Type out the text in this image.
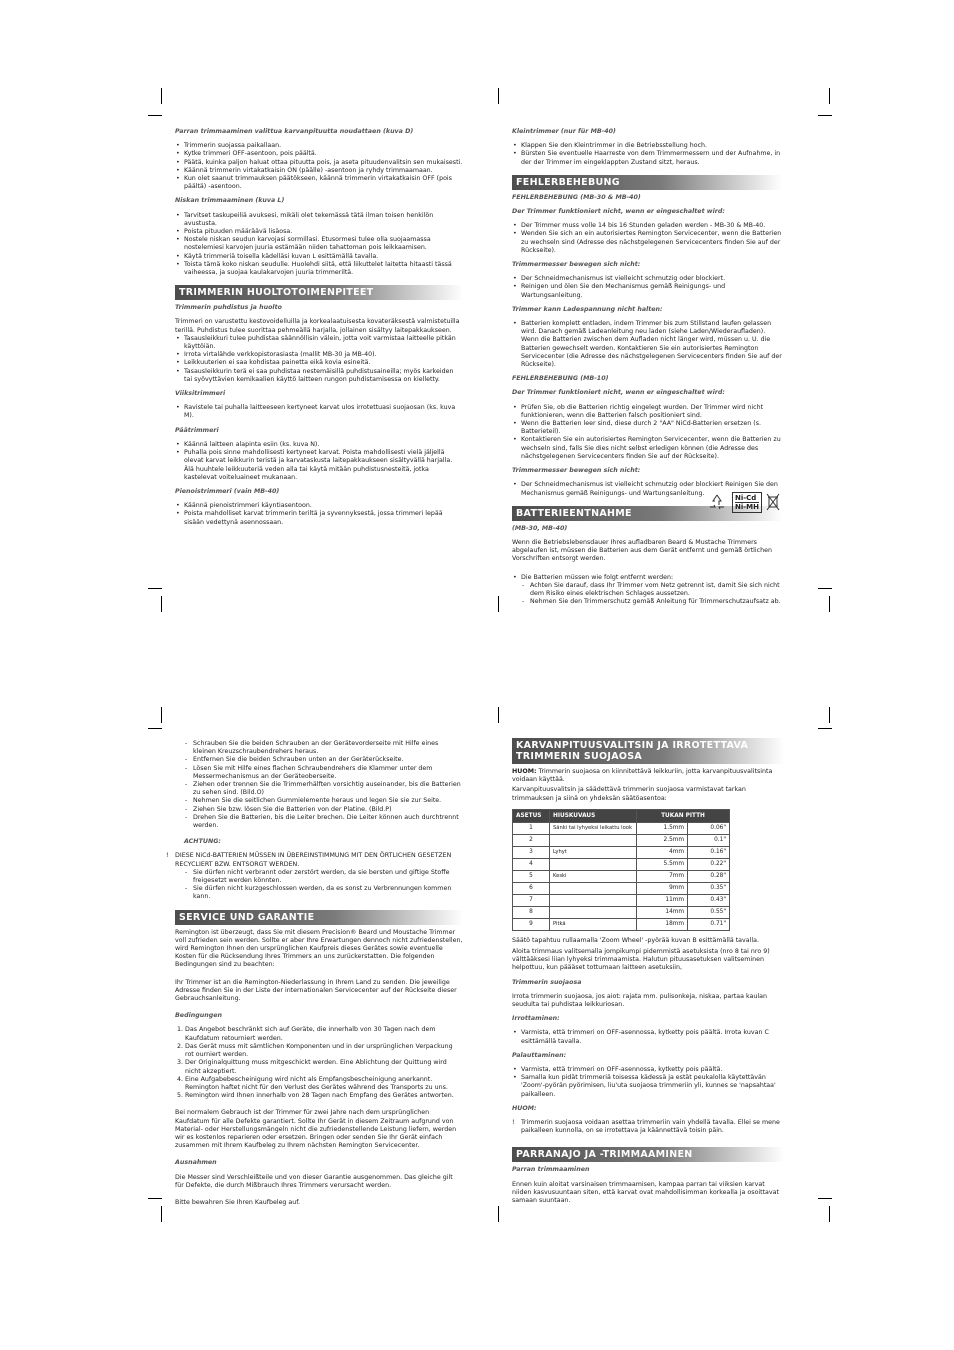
Parran trimmaaminen valittua karvanpituutta noudattaen (kuva D)

• Trimmerin suojassa paikallaan.
• Kytke trimmeri OFF-asentoon, pois päältä.
• Päätä, kuinka paljon haluat ottaa pituutta pois, ja aseta pituudenvalitsin sen mukaisesti.
• Käännä trimmerin virtakatkaisin ON (päälle) -asentoon ja ryhdy trimmaamaan.
• Kun olet saanut trimmauksen päätökseen, käännä trimmerin virtakatkaisin OFF (pois päältä) -asentoon.

Niskan trimmaaminen (kuva L)

• Tarvitset taskupeiliä avuksesi, mikäli olet tekemässä tätä ilman toisen henkilön avustusta.
• Poista pituuden määräävä lisäosa.
• Nostele niskan seudun karvojasi sormillasi. Etusormesi tulee olla suojaamassa nostelemiesi karvojen juuria estämään niiden tahattoman pois leikkaamisen.
• Käytä trimmeriä toisella kädelläsi kuvan L esittämällä tavalla.
• Toista tämä koko niskan seudulle. Huolehdi siitä, että liikuttelet laitetta hitaasti tässä vaiheessa, ja suojaa kaulakarvojen juuria trimmeriltä.
TRIMMERIN HUOLTOTOIMENPITEET

Trimmerin puhdistus ja huolto

Trimmeri on varustettu kestovoidelluilla ja korkealaatuisesta kovateräksestä valmistetuilla terillä. Puhdistus tulee suorittaa pehmeällä harjalla, jollainen sisältyy laitepakkaukseen.

• Tasausleikkuri tulee puhdistaa säännöllisin välein, jotta voit varmistaa laitteelle pitkän käyttöiän.
• Irrota virtalähde verkkopistorasiasta (mallit MB-30 ja MB-40).
• Leikkuuterien ei saa kohdistaa painetta eikä kovia esineitä.
• Tasausleikkurin terä ei saa puhdistaa nestemäisillä puhdistusaineilla; myös karkeiden tai syövyttävien kemikaalien käyttö laitteen rungon puhdistamisessa on kielletty.

Viiksitrimmeri

• Ravistele tai puhalla laitteeseen kertyneet karvat ulos irrotettuasi suojaosan (ks. kuva M).

Päätrimmeri

• Käännä laitteen alapinta esiin (ks. kuva N).
• Puhalla pois sinne mahdollisesti kertyneet karvat. Poista mahdollisesti vielä jäljellä olevat karvat leikkurin teristä ja karvataskusta laitepakkaukseen sisältyvällä harjalla. Älä huuhtele leikkuuteriä veden alla tai käytä mitään puhdistusnesteitä, jotka kastelevat voiteluaineet mukanaan.

Pienoistrimmeri (vain MB-40)

• Käännä pienoistrimmeri käyntiasentoon.
• Poista mahdolliset karvat trimmerin teriltä ja syvennyksestä, jossa trimmeri lepää sisään vedettynä asennossaan.

Kleintrimmer (nur für MB-40)

• Klappen Sie den Kleintrimmer in die Betriebsstellung hoch.
• Bürsten Sie eventuelle Haarreste von dem Trimmermessern und der Aufnahme, in der der Trimmer im eingeklappten Zustand sitzt, heraus.
FEHLERBEHEBUNG

FEHLERBEHEBUNG (MB-30 & MB-40)

Der Trimmer funktioniert nicht, wenn er eingeschaltet wird:

• Der Trimmer muss volle 14 bis 16 Stunden geladen werden - MB-30 & MB-40.
• Wenden Sie sich an ein autorisiertes Remington Servicecenter, wenn die Batterien zu wechseln sind (Adresse des nächstgelegenen Servicecenters finden Sie auf der Rückseite).

Trimmermesser bewegen sich nicht:

• Der Schneidmechanismus ist vielleicht schmutzig oder blockiert.
• Reinigen und ölen Sie den Mechanismus gemäß Reinigungs- und Wartungsanleitung.

Trimmer kann Ladespannung nicht halten:

• Batterien komplett entladen, indem Trimmer bis zum Stillstand laufen gelassen wird. Danach gemäß Ladeanleitung neu laden (siehe Laden/Wiederaufladen). Wenn die Batterien zwischen dem Aufladen nicht länger wird, müssen u. U. die Batterien gewechselt werden. Kontaktieren Sie ein autorisiertes Remington Servicecenter (die Adresse des nächstgelegenen Servicecenters finden Sie auf der Rückseite).

FEHLERBEHEBUNG (MB-10)

Der Trimmer funktioniert nicht, wenn er eingeschaltet wird:

• Prüfen Sie, ob die Batterien richtig eingelegt wurden. Der Trimmer wird nicht funktionieren, wenn die Batterien falsch positioniert sind.
• Wenn die Batterien leer sind, diese durch 2 "AA" NiCd-Batterien ersetzen (s. Batterieteil).
• Kontaktieren Sie ein autorisiertes Remington Servicecenter, wenn die Batterien zu wechseln sind, falls Sie dies nicht selbst erledigen können (die Adresse des nächstgelegenen Servicecenters finden Sie auf der Rückseite).

Trimmermesser bewegen sich nicht:

• Der Schneidmechanismus ist vielleicht schmutzig oder blockiert Reinigen Sie den Mechanismus gemäß Reinigungs- und Wartungsanleitung.
BATTERIEENTNAHME
Ni-Cd
Ni-MH

(MB-30, MB-40)

Wenn die Betriebslebensdauer Ihres aufladbaren Beard & Mustache Trimmers abgelaufen ist, müssen die Batterien aus dem Gerät entfernt und gemäß örtlichen Vorschriften entsorgt werden.

• Die Batterien müssen wie folgt entfernt werden:
- Achten Sie darauf, dass Ihr Trimmer vom Netz getrennt ist, damit Sie sich nicht dem Risiko eines elektrischen Schlages aussetzen.
- Nehmen Sie den Trimmerschutz gemäß Anleitung für Trimmerschutzaufsatz ab.
- Schrauben Sie die beiden Schrauben an der Gerätevorderseite mit Hilfe eines kleinen Kreuzschraubendrehers heraus.
- Entfernen Sie die beiden Schrauben unten an der Geräterückseite.
- Lösen Sie mit Hilfe eines flachen Schraubendrehers die Klammer unter dem Messermechanismus an der Geräteoberseite.
- Ziehen oder trennen Sie die Trimmerhälften vorsichtig auseinander, bis die Batterien zu sehen sind. (Bild.O)
- Nehmen Sie die seitlichen Gummielemente heraus und legen Sie sie zur Seite.
- Ziehen Sie bzw. lösen Sie die Batterien von der Platine. (Bild.P)
- Drehen Sie die Batterien, bis die Leiter brechen. Die Leiter können auch durchtrennt werden.

ACHTUNG:

!	DIESE NiCd-BATTERIEN MÜSSEN IN ÜBEREINSTIMMUNG MIT DEN ÖRTLICHEN GESETZEN RECYCLIERT BZW. ENTSORGT WERDEN.
- Sie dürfen nicht verbrannt oder zerstört werden, da sie bersten und giftige Stoffe freigesetzt werden könnten.
- Sie dürfen nicht kurzgeschlossen werden, da es sonst zu Verbrennungen kommen kann.
SERVICE UND GARANTIE

Remington ist überzeugt, dass Sie mit diesem Precision® Beard und Moustache Trimmer voll zufrieden sein werden. Sollte er aber Ihre Erwartungen dennoch nicht zufriedenstellen, wird Remington Ihnen den ursprünglichen Kaufpreis dieses Gerätes sowie eventuelle Kosten für die Rücksendung Ihres Trimmers an uns zurückerstatten. Die folgenden Bedingungen sind zu beachten:

Ihr Trimmer ist an die Remington-Niederlassung in Ihrem Land zu senden. Die jeweilige Adresse finden Sie in der Liste der internationalen Servicecenter auf der Rückseite dieser Gebrauchsanleitung.

Bedingungen

1. Das Angebot beschränkt sich auf Geräte, die innerhalb von 30 Tagen nach dem Kaufdatum retourniert werden.
2. Das Gerät muss mit sämtlichen Komponenten und in der ursprünglichen Verpackung rot ourniert werden.
3. Der Originalquittung muss mitgeschickt werden. Eine Ablichtung der Quittung wird nicht akzeptiert.
4. Eine Aufgabebescheinigung wird nicht als Empfangsbescheinigung anerkannt. Remington haftet nicht für den Verlust des Gerätes während des Transports zu uns.
5. Remington wird Ihnen innerhalb von 28 Tagen nach Empfang des Gerätes antworten.

Bei normalem Gebrauch ist der Trimmer für zwei Jahre nach dem ursprünglichen Kaufdatum für alle Defekte garantiert. Sollte Ihr Gerät in diesem Zeitraum aufgrund von Material- oder Herstellungsmängeln nicht die zufriedenstellende Leistung liefern, werden wir es kostenlos reparieren oder ersetzen. Bringen oder senden Sie Ihr Gerät einfach zusammen mit Ihrem Kaufbeleg zu Ihrem nächsten Remington Servicecenter.

Ausnahmen

Die Messer sind Verschleißteile und von dieser Garantie ausgenommen. Das gleiche gilt für Defekte, die durch Mißbrauch Ihres Trimmers verursacht werden.

Bitte bewahren Sie Ihren Kaufbeleg auf.

KARVANPITUUSVALITSIN JA IRROTETTAVA TRIMMERIN SUOJAOSA

HUOM: Trimmerin suojaosa on kiinnitettävä leikkuriin, jotta karvanpituusvalitsinta voidaan käyttää.

Karvanpituusvalitsin ja säädettävä trimmerin suojaosa varmistavat tarkan trimmauksen ja siinä on yhdeksän säätöasentoa:

ASETUS	HIUSKUVAUS	TUKAN PITTH	
1	Sänki tai lyhyeksi leikattu look	1.5mm	0.06"
2		2.5mm	0.1"
3	Lyhyt	4mm	0.16"
4		5.5mm	0.22"
5	Keski	7mm	0.28"
6		9mm	0.35"
7		11mm	0.43"
8		14mm	0.55"
9	Pitkä	18mm	0.71"

Säätö tapahtuu rullaamalla 'Zoom Wheel' -pyörää kuvan B esittämällä tavalla.

Aloita trimmaus valitsemalla jompikumpi pidemmistä asetuksista (nro 8 tai nro 9) välttääksesi liian lyhyeksi trimmaamista. Halutun pituusasetuksen valitseminen helpottuu, kun päääset tottumaan laitteen asetuksiin,

Trimmerin suojaosa

Irrota trimmerin suojaosa, jos aiot: rajata mm. pulisonkeja, niskaa, partaa kaulan seudulta tai puhdistaa leikkuriosan.

Irrottaminen:

• Varmista, että trimmeri on OFF-asennossa, kytketty pois päältä. Irrota kuvan C esittämällä tavalla.

Palauttaminen:

• Varmista, että trimmeri on OFF-asennossa, kytketty pois päältä.
• Samalla kun pidät trimmeriä toisessa kädessä ja estät peukalolla käytettävän 'Zoom'-pyörän pyörimisen, liu'uta suojaosa trimmeriin yli, kunnes se 'napsahtaa' paikalleen.

HUOM:

!	Trimmerin suojaosa voidaan asettaa trimmeriin vain yhdellä tavalla. Ellei se mene paikalleen kunnolla, on se irrotettava ja käännettävä toisin päin.
PARRANAJO JA -TRIMMAAMINEN

Parran trimmaaminen

Ennen kuin aloitat varsinaisen trimmaamisen, kampaa parran tai viiksien karvat niiden kasvusuuntaan siten, että karvat ovat mahdollisimman korkealla ja osoittavat samaan suuntaan.
